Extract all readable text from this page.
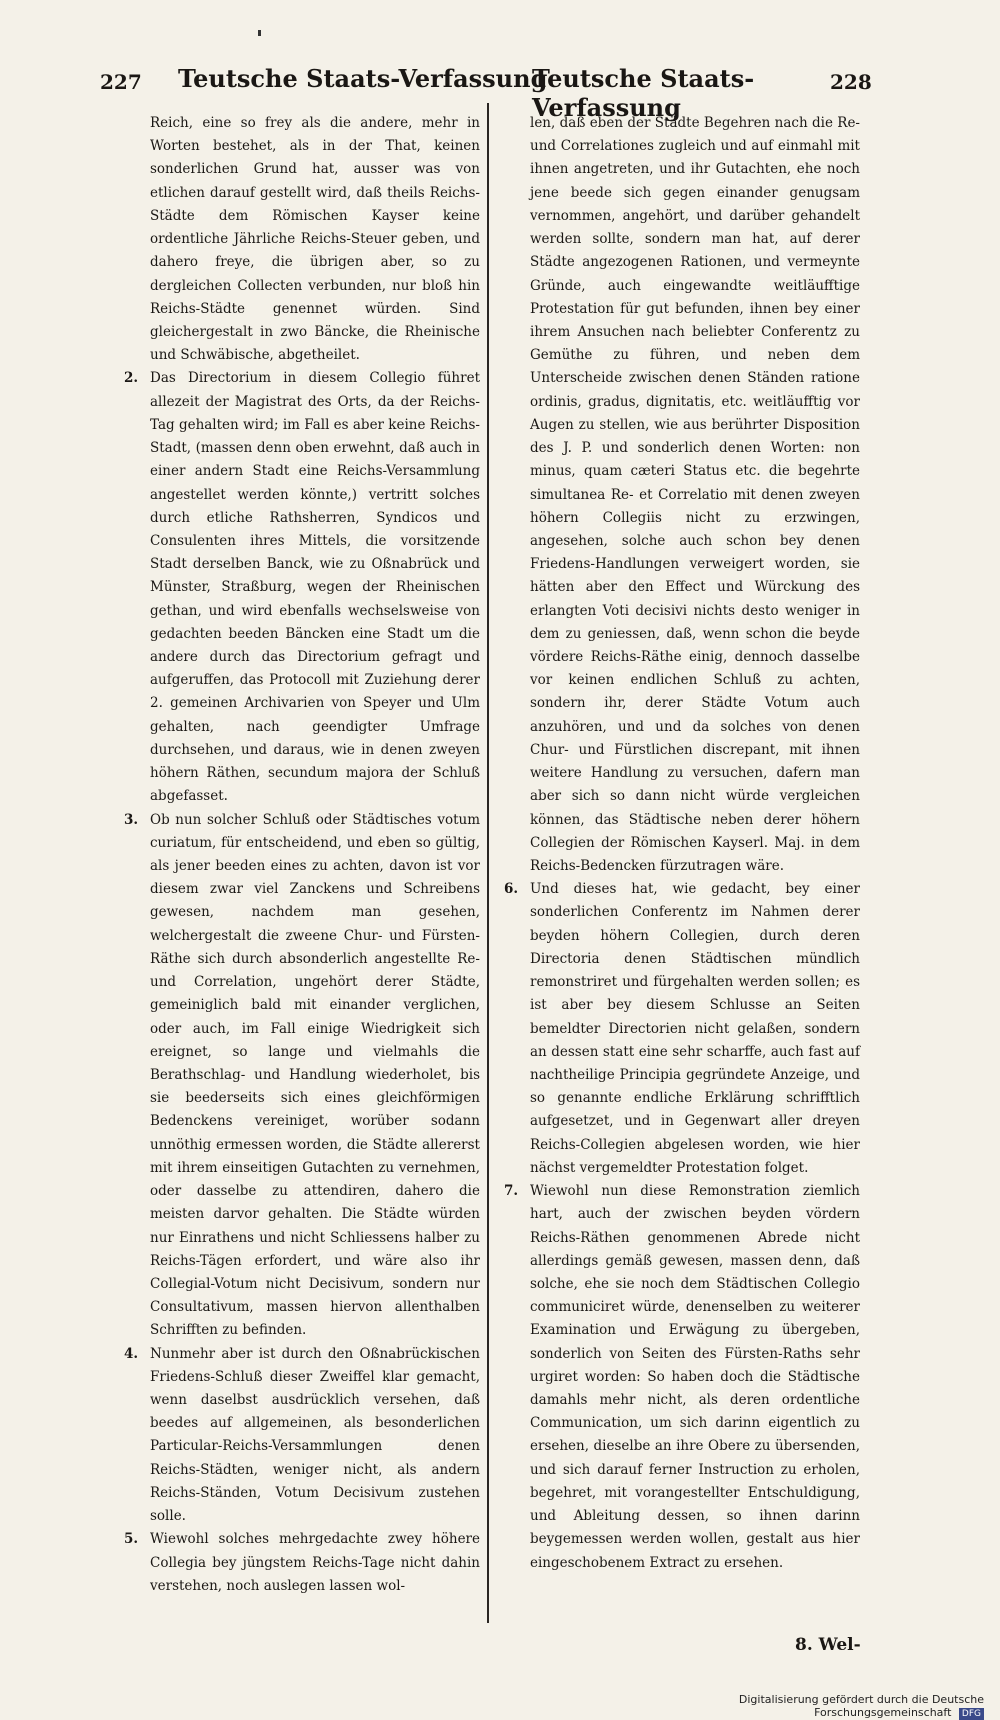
227 Teutsche Staats-Verfassung
Teutsche Staats-Verfassung
228

Reich, eine so frey als die andere, mehr in Worten bestehet, als in der That, keinen sonderlichen Grund hat, ausser was von etlichen darauf gestellt wird, daß theils Reichs-Städte dem Römischen Kayser keine ordentliche Jährliche Reichs-Steuer geben, und dahero freye, die übrigen aber, so zu dergleichen Collecten verbunden, nur bloß hin Reichs-Städte genennet würden. Sind gleichergestalt in zwo Bäncke, die Rheinische und Schwäbische, abgetheilet.

2. Das Directorium in diesem Collegio führet allezeit der Magistrat des Orts, da der Reichs-Tag gehalten wird; im Fall es aber keine Reichs-Stadt, (massen denn oben erwehnt, daß auch in einer andern Stadt eine Reichs-Versammlung angestellet werden könnte,) vertritt solches durch etliche Rathsherren, Syndicos und Consulenten ihres Mittels, die vorsitzende Stadt derselben Banck, wie zu Oßnabrück und Münster, Straßburg, wegen der Rheinischen gethan, und wird ebenfalls wechselsweise von gedachten beeden Bäncken eine Stadt um die andere durch das Directorium gefragt und aufgeruffen, das Protocoll mit Zuziehung derer 2. gemeinen Archivarien von Speyer und Ulm gehalten, nach geendigter Umfrage durchsehen, und daraus, wie in denen zweyen höhern Räthen, secundum majora der Schluß abgefasset.

3. Ob nun solcher Schluß oder Städtisches votum curiatum, für entscheidend, und eben so gültig, als jener beeden eines zu achten, davon ist vor diesem zwar viel Zanckens und Schreibens gewesen, nachdem man gesehen, welchergestalt die zweene Chur- und Fürsten-Räthe sich durch absonderlich angestellte Re- und Correlation, ungehört derer Städte, gemeiniglich bald mit einander verglichen, oder auch, im Fall einige Wiedrigkeit sich ereignet, so lange und vielmahls die Berathschlag- und Handlung wiederholet, bis sie beederseits sich eines gleichförmigen Bedenckens vereiniget, worüber sodann unnöthig ermessen worden, die Städte allererst mit ihrem einseitigen Gutachten zu vernehmen, oder dasselbe zu attendiren, dahero die meisten darvor gehalten. Die Städte würden nur Einrathens und nicht Schliessens halber zu Reichs-Tägen erfordert, und wäre also ihr Collegial-Votum nicht Decisivum, sondern nur Consultativum, massen hiervon allenthalben Schrifften zu befinden.

4. Nunmehr aber ist durch den Oßnabrückischen Friedens-Schluß dieser Zweiffel klar gemacht, wenn daselbst ausdrücklich versehen, daß beedes auf allgemeinen, als besonderlichen Particular-Reichs-Versammlungen denen Reichs-Städten, weniger nicht, als andern Reichs-Ständen, Votum Decisivum zustehen solle.

5. Wiewohl solches mehrgedachte zwey höhere Collegia bey jüngstem Reichs-Tage nicht dahin verstehen, noch auslegen lassen wol-

len, daß eben der Städte Begehren nach die Re- und Correlationes zugleich und auf einmahl mit ihnen angetreten, und ihr Gutachten, ehe noch jene beede sich gegen einander genugsam vernommen, angehört, und darüber gehandelt werden sollte, sondern man hat, auf derer Städte angezogenen Rationen, und vermeynte Gründe, auch eingewandte weitläufftige Protestation für gut befunden, ihnen bey einer ihrem Ansuchen nach beliebter Conferentz zu Gemüthe zu führen, und neben dem Unterscheide zwischen denen Ständen ratione ordinis, gradus, dignitatis, etc. weitläufftig vor Augen zu stellen, wie aus berührter Disposition des J. P. und sonderlich denen Worten: non minus, quam cæteri Status etc. die begehrte simultanea Re- et Correlatio mit denen zweyen höhern Collegiis nicht zu erzwingen, angesehen, solche auch schon bey denen Friedens-Handlungen verweigert worden, sie hätten aber den Effect und Würckung des erlangten Voti decisivi nichts desto weniger in dem zu geniessen, daß, wenn schon die beyde vördere Reichs-Räthe einig, dennoch dasselbe vor keinen endlichen Schluß zu achten, sondern ihr, derer Städte Votum auch anzuhören, und und da solches von denen Chur- und Fürstlichen discrepant, mit ihnen weitere Handlung zu versuchen, dafern man aber sich so dann nicht würde vergleichen können, das Städtische neben derer höhern Collegien der Römischen Kayserl. Maj. in dem Reichs-Bedencken fürzutragen wäre.

6. Und dieses hat, wie gedacht, bey einer sonderlichen Conferentz im Nahmen derer beyden höhern Collegien, durch deren Directoria denen Städtischen mündlich remonstriret und fürgehalten werden sollen; es ist aber bey diesem Schlusse an Seiten bemeldter Directorien nicht gelaßen, sondern an dessen statt eine sehr scharffe, auch fast auf nachtheilige Principia gegründete Anzeige, und so genannte endliche Erklärung schrifftlich aufgesetzet, und in Gegenwart aller dreyen Reichs-Collegien abgelesen worden, wie hier nächst vergemeldter Protestation folget.

7. Wiewohl nun diese Remonstration ziemlich hart, auch der zwischen beyden vördern Reichs-Räthen genommenen Abrede nicht allerdings gemäß gewesen, massen denn, daß solche, ehe sie noch dem Städtischen Collegio communiciret würde, denenselben zu weiterer Examination und Erwägung zu übergeben, sonderlich von Seiten des Fürsten-Raths sehr urgiret worden: So haben doch die Städtische damahls mehr nicht, als deren ordentliche Communication, um sich darinn eigentlich zu ersehen, dieselbe an ihre Obere zu übersenden, und sich darauf ferner Instruction zu erholen, begehret, mit vorangestellter Entschuldigung, und Ableitung dessen, so ihnen darinn beygemessen werden wollen, gestalt aus hier eingeschobenem Extract zu ersehen.

8. Wel-
Digitalisierung gefördert durch die Deutsche Forschungsgemeinschaft DFG
